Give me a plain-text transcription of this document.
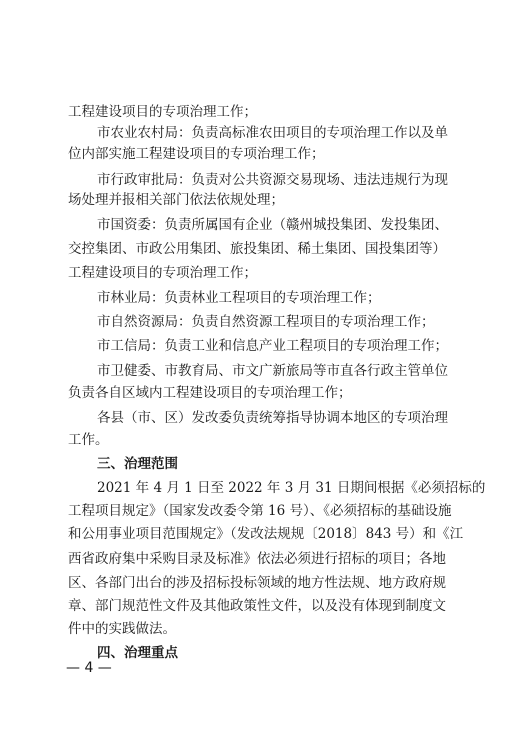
工程建设项目的专项治理工作；
市农业农村局：负责高标准农田项目的专项治理工作以及单
位内部实施工程建设项目的专项治理工作；
市行政审批局：负责对公共资源交易现场、违法违规行为现
场处理并报相关部门依法依规处理；
市国资委：负责所属国有企业（赣州城投集团、发投集团、
交控集团、市政公用集团、旅投集团、稀土集团、国投集团等）
工程建设项目的专项治理工作；
市林业局：负责林业工程项目的专项治理工作；
市自然资源局：负责自然资源工程项目的专项治理工作；
市工信局：负责工业和信息产业工程项目的专项治理工作；
市卫健委、市教育局、市文广新旅局等市直各行政主管单位
负责各自区域内工程建设项目的专项治理工作；
各县（市、区）发改委负责统筹指导协调本地区的专项治理
工作。
三、治理范围
2021 年 4 月 1 日至 2022 年 3 月 31 日期间根据《必须招标的
工程项目规定》（国家发改委令第 16 号）、《必须招标的基础设施
和公用事业项目范围规定》（发改法规规〔2018〕843 号）和《江
西省政府集中采购目录及标准》依法必须进行招标的项目；各地
区、各部门出台的涉及招标投标领域的地方性法规、地方政府规
章、部门规范性文件及其他政策性文件，以及没有体现到制度文
件中的实践做法。
四、治理重点
— 4 —
